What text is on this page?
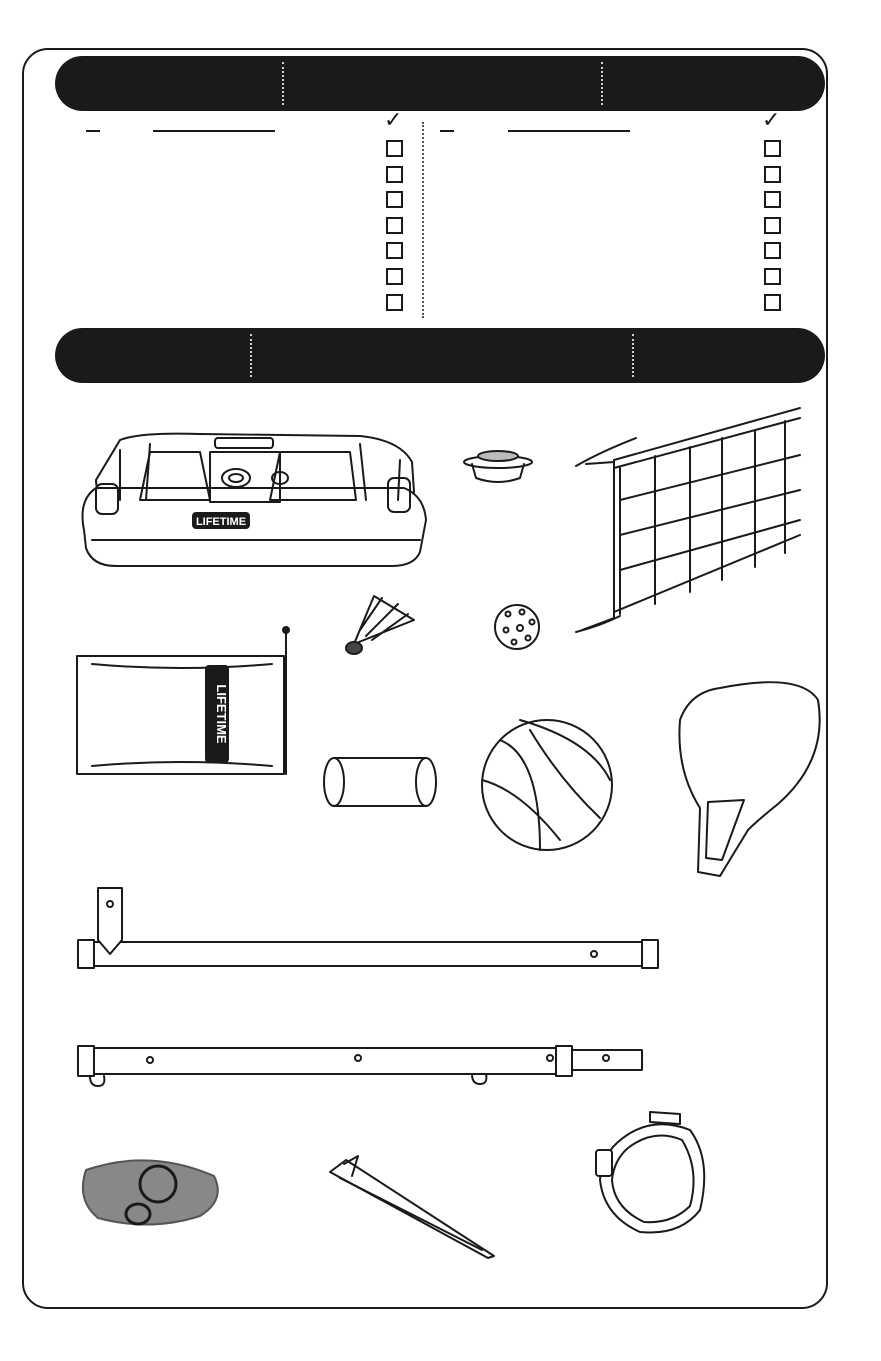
✓	✓
LIFETIME
LIFETIME
